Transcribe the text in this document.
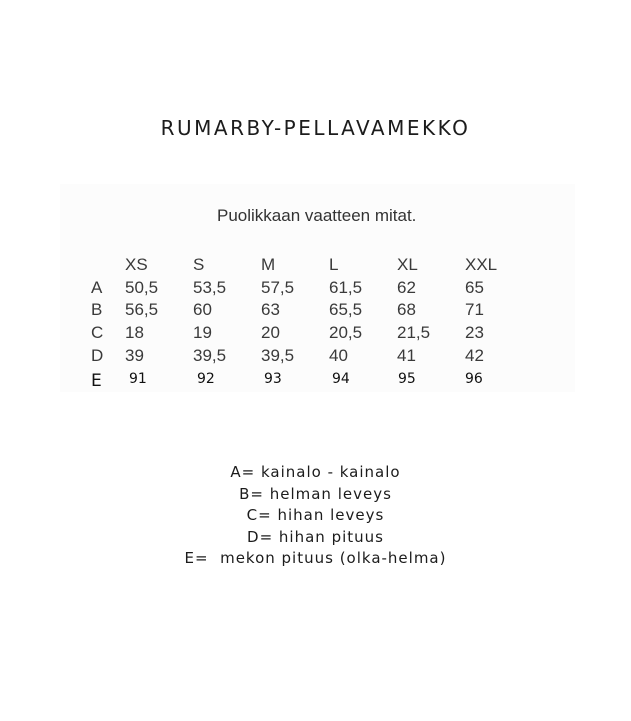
RUMARBY-PELLAVAMEKKO
Puolikkaan vaatteen mitat.
XS	S	M	L	XL	XXL
A 50,5 53,5 57,5 61,5 62	65
B 56,5 60	63	65,5 68	71
C 18	19	20	20,5 21,5 23
D 39	39,5 39,5 40	41	42
E 91	92	93	94	95	96
A= kainalo - kainalo
B= helman leveys
C= hihan leveys
D= hihan pituus
E=  mekon pituus (olka-helma)
